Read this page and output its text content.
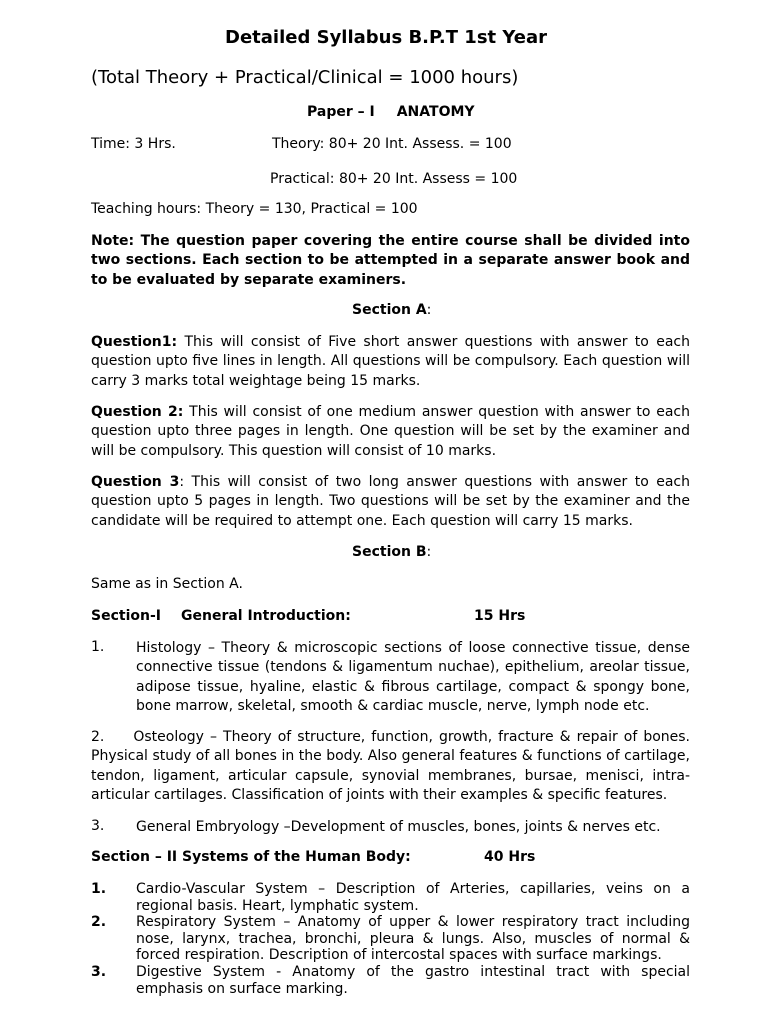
Detailed Syllabus B.P.T 1st Year
(Total Theory + Practical/Clinical = 1000 hours)
Paper – I ANATOMY
Time: 3 Hrs.	Theory: 80+ 20 Int. Assess. = 100
Practical: 80+ 20 Int. Assess = 100
Teaching hours: Theory = 130, Practical = 100
Note: The question paper covering the entire course shall be divided into two sections. Each section to be attempted in a separate answer book and to be evaluated by separate examiners.
Section A:
Question1: This will consist of Five short answer questions with answer to each question upto five lines in length. All questions will be compulsory. Each question will carry 3 marks total weightage being 15 marks.
Question 2: This will consist of one medium answer question with answer to each question upto three pages in length. One question will be set by the examiner and will be compulsory. This question will consist of 10 marks.
Question 3: This will consist of two long answer questions with answer to each question upto 5 pages in length. Two questions will be set by the examiner and the candidate will be required to attempt one. Each question will carry 15 marks.
Section B:
Same as in Section A.
Section-I General Introduction:	15 Hrs
1. Histology – Theory & microscopic sections of loose connective tissue, dense connective tissue (tendons & ligamentum nuchae), epithelium, areolar tissue, adipose tissue, hyaline, elastic & fibrous cartilage, compact & spongy bone, bone marrow, skeletal, smooth & cardiac muscle, nerve, lymph node etc.
2. Osteology – Theory of structure, function, growth, fracture & repair of bones. Physical study of all bones in the body. Also general features & functions of cartilage, tendon, ligament, articular capsule, synovial membranes, bursae, menisci, intra-articular cartilages. Classification of joints with their examples & specific features.
3. General Embryology –Development of muscles, bones, joints & nerves etc.
Section – II Systems of the Human Body:	40 Hrs
1. Cardio-Vascular System – Description of Arteries, capillaries, veins on a regional basis. Heart, lymphatic system.
2. Respiratory System – Anatomy of upper & lower respiratory tract including nose, larynx, trachea, bronchi, pleura & lungs. Also, muscles of normal & forced respiration. Description of intercostal spaces with surface markings.
3. Digestive System - Anatomy of the gastro intestinal tract with special emphasis on surface marking.
